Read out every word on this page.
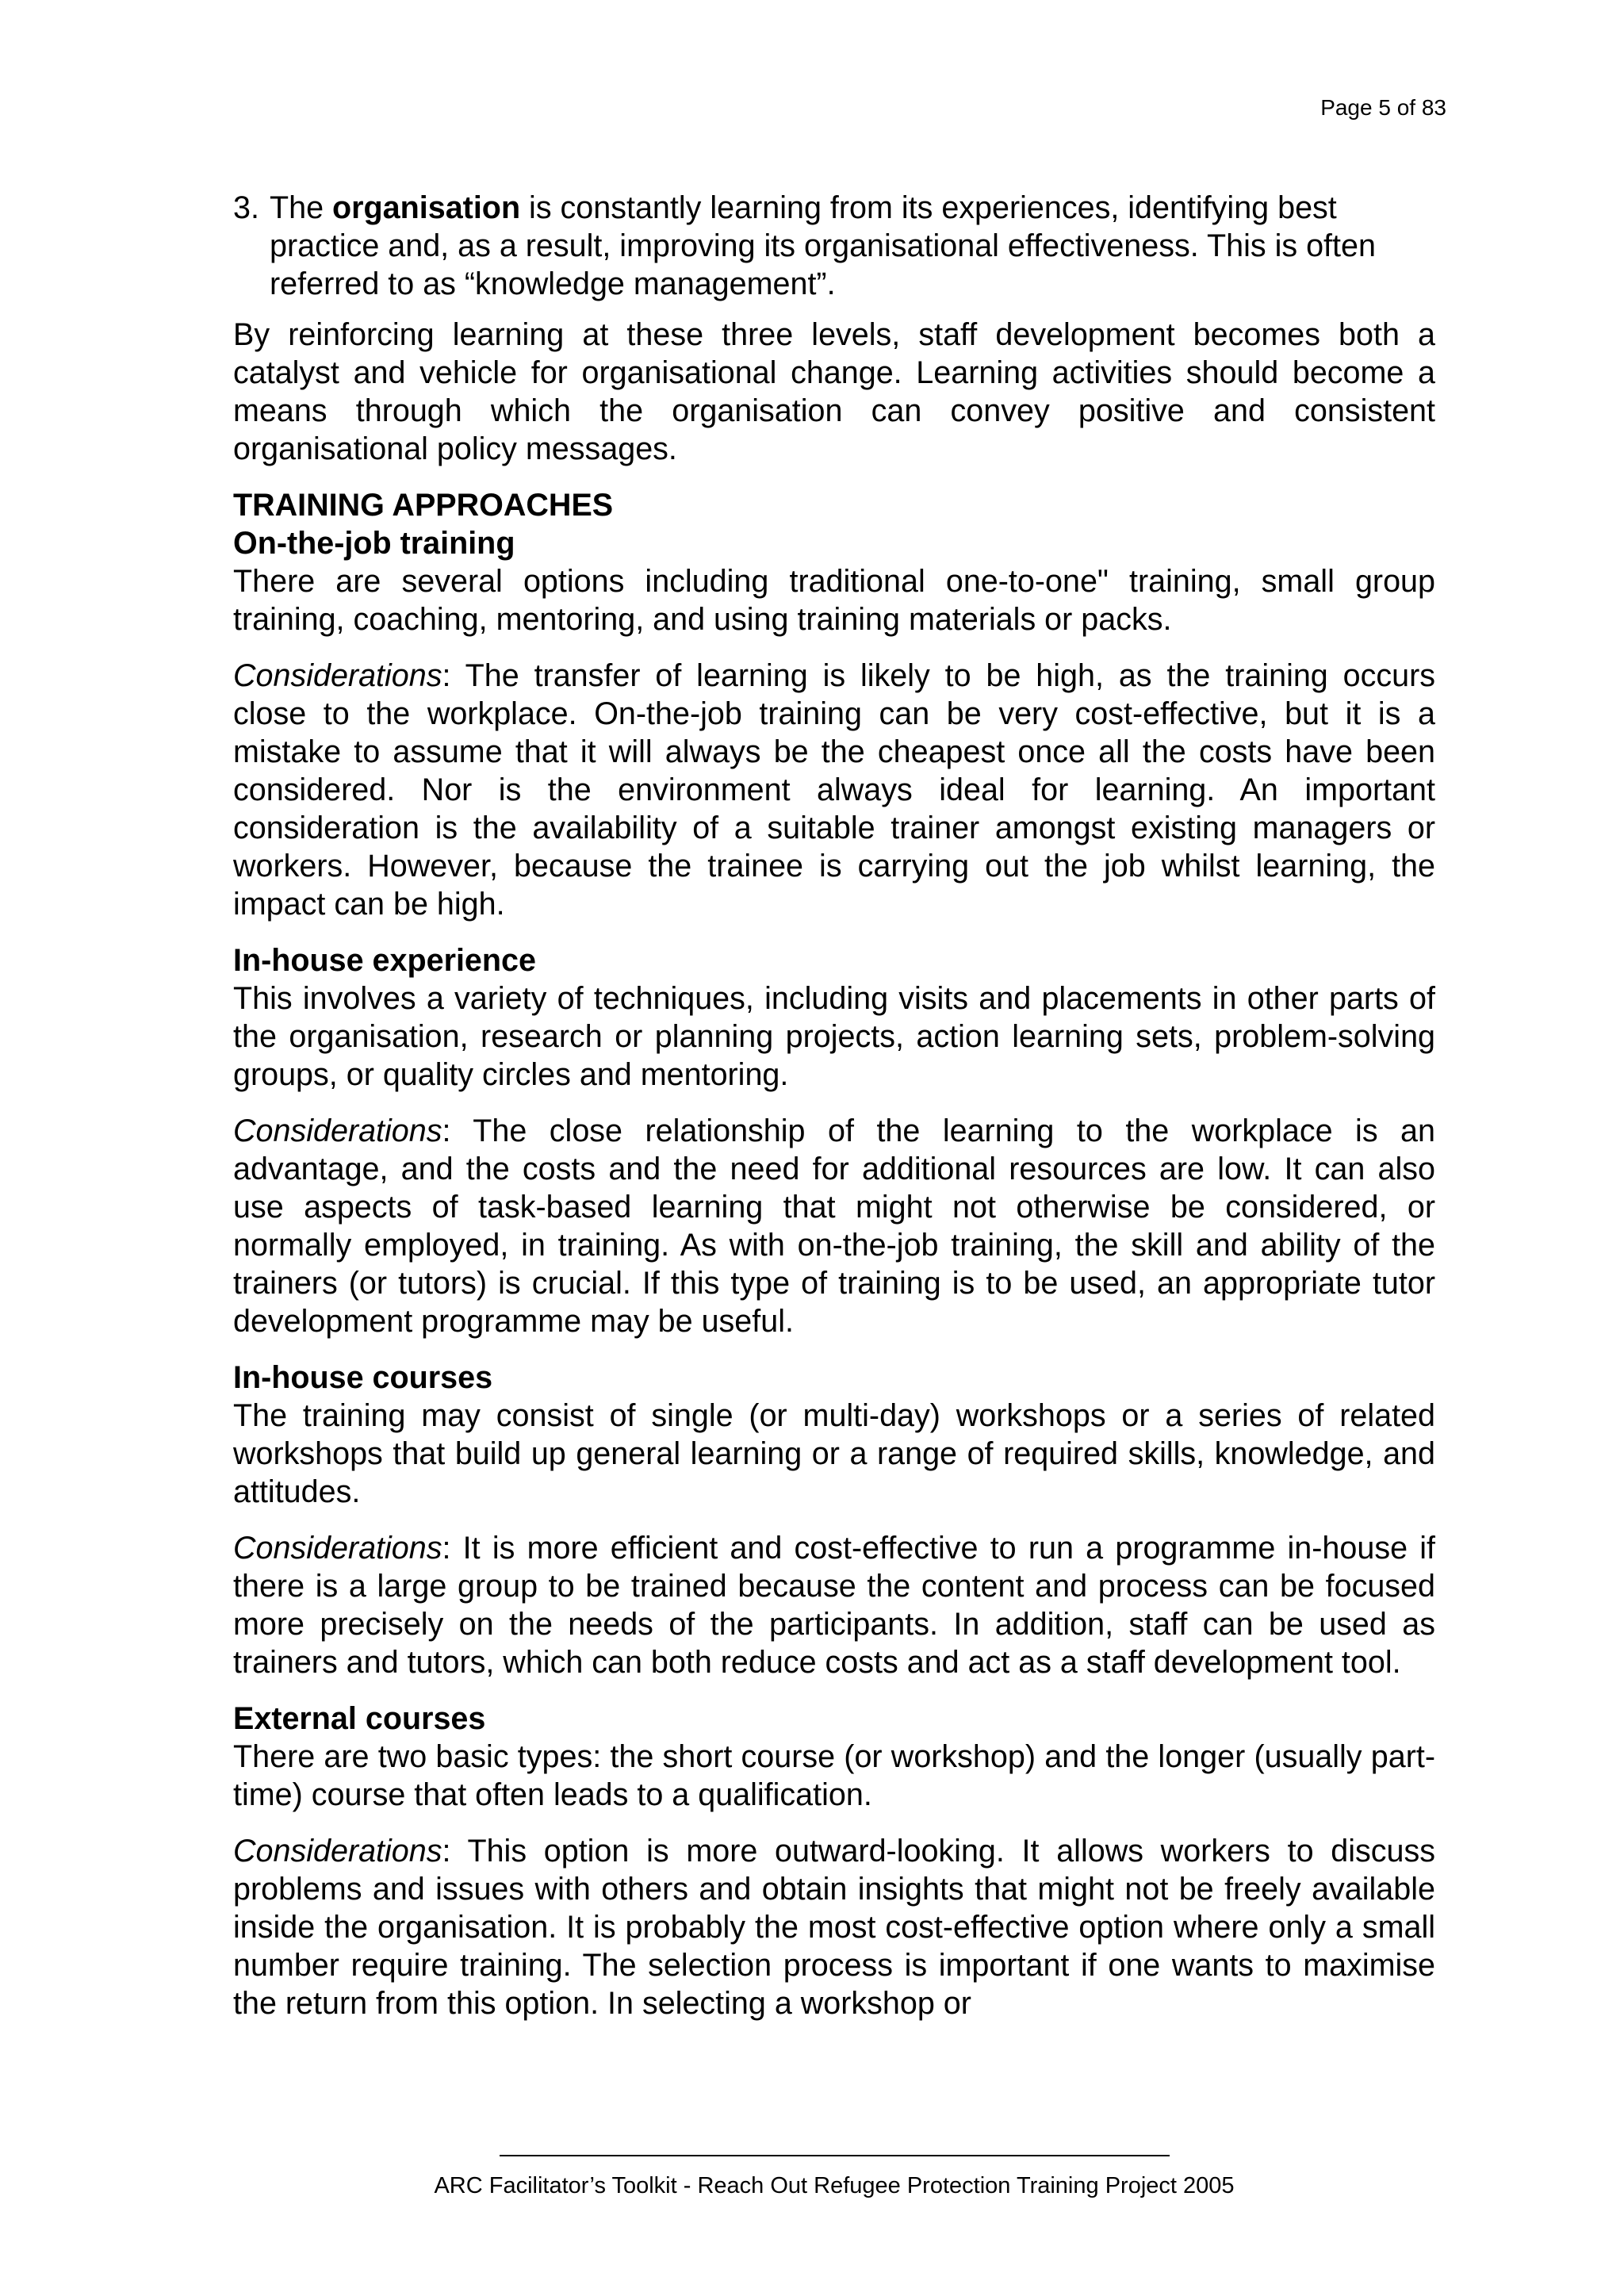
Page 5 of 83
3. The organisation is constantly learning from its experiences, identifying best practice and, as a result, improving its organisational effectiveness. This is often referred to as “knowledge management”.

By reinforcing learning at these three levels, staff development becomes both a catalyst and vehicle for organisational change. Learning activities should become a means through which the organisation can convey positive and consistent organisational policy messages.

TRAINING APPROACHES

On-the-job training

There are several options including traditional one-to-one" training, small group training, coaching, mentoring, and using training materials or packs.

Considerations: The transfer of learning is likely to be high, as the training occurs close to the workplace. On-the-job training can be very cost-effective, but it is a mistake to assume that it will always be the cheapest once all the costs have been considered. Nor is the environment always ideal for learning. An important consideration is the availability of a suitable trainer amongst existing managers or workers. However, because the trainee is carrying out the job whilst learning, the impact can be high.

In-house experience

This involves a variety of techniques, including visits and placements in other parts of the organisation, research or planning projects, action learning sets, problem-solving groups, or quality circles and mentoring.

Considerations: The close relationship of the learning to the workplace is an advantage, and the costs and the need for additional resources are low. It can also use aspects of task-based learning that might not otherwise be considered, or normally employed, in training. As with on-the-job training, the skill and ability of the trainers (or tutors) is crucial. If this type of training is to be used, an appropriate tutor development programme may be useful.

In-house courses

The training may consist of single (or multi-day) workshops or a series of related workshops that build up general learning or a range of required skills, knowledge, and attitudes.

Considerations: It is more efficient and cost-effective to run a programme in-house if there is a large group to be trained because the content and process can be focused more precisely on the needs of the participants. In addition, staff can be used as trainers and tutors, which can both reduce costs and act as a staff development tool.

External courses

There are two basic types: the short course (or workshop) and the longer (usually part-time) course that often leads to a qualification.

Considerations: This option is more outward-looking. It allows workers to discuss problems and issues with others and obtain insights that might not be freely available inside the organisation. It is probably the most cost-effective option where only a small number require training. The selection process is important if one wants to maximise the return from this option. In selecting a workshop or

ARC Facilitator’s Toolkit - Reach Out Refugee Protection Training Project 2005
